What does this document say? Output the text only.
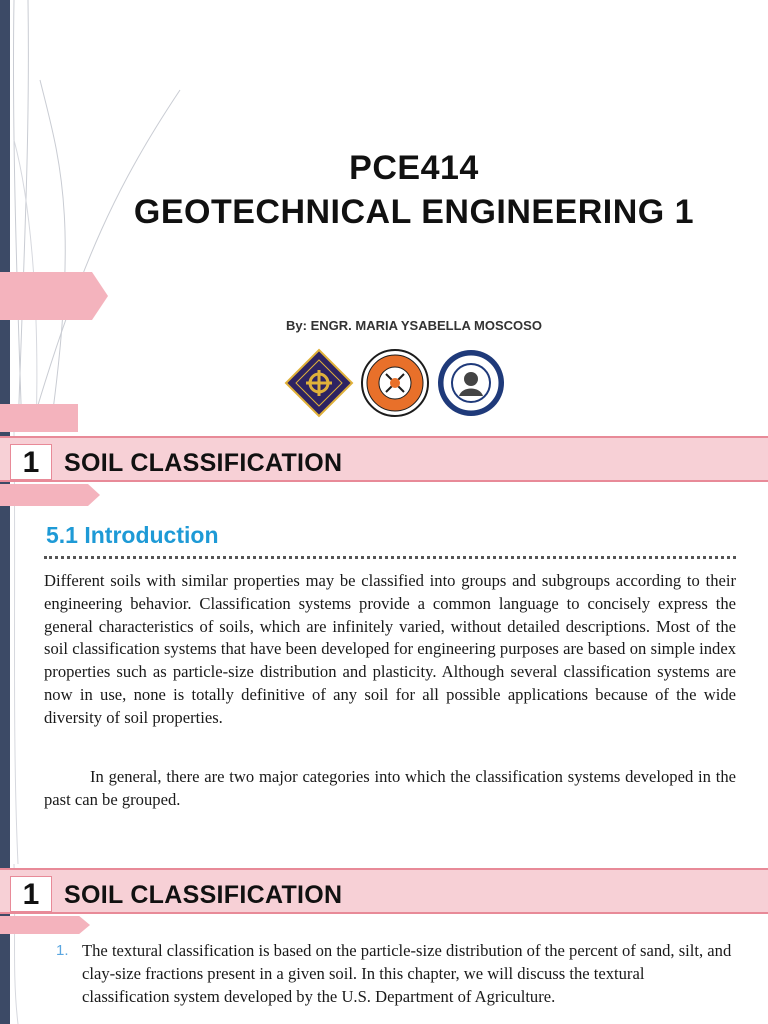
PCE414
GEOTECHNICAL ENGINEERING 1
By: ENGR. MARIA YSABELLA MOSCOSO
1 SOIL CLASSIFICATION
5.1 Introduction

Different soils with similar properties may be classified into groups and subgroups according to their engineering behavior. Classification systems provide a common language to concisely express the general characteristics of soils, which are infinitely varied, without detailed descriptions. Most of the soil classification systems that have been developed for engineering purposes are based on simple index properties such as particle-size distribution and plasticity. Although several classification systems are now in use, none is totally definitive of any soil for all possible applications because of the wide diversity of soil properties.

In general, there are two major categories into which the classification systems developed in the past can be grouped.

1 SOIL CLASSIFICATION
1. The textural classification is based on the particle-size distribution of the percent of sand, silt, and clay-size fractions present in a given soil. In this chapter, we will discuss the textural classification system developed by the U.S. Department of Agriculture.
